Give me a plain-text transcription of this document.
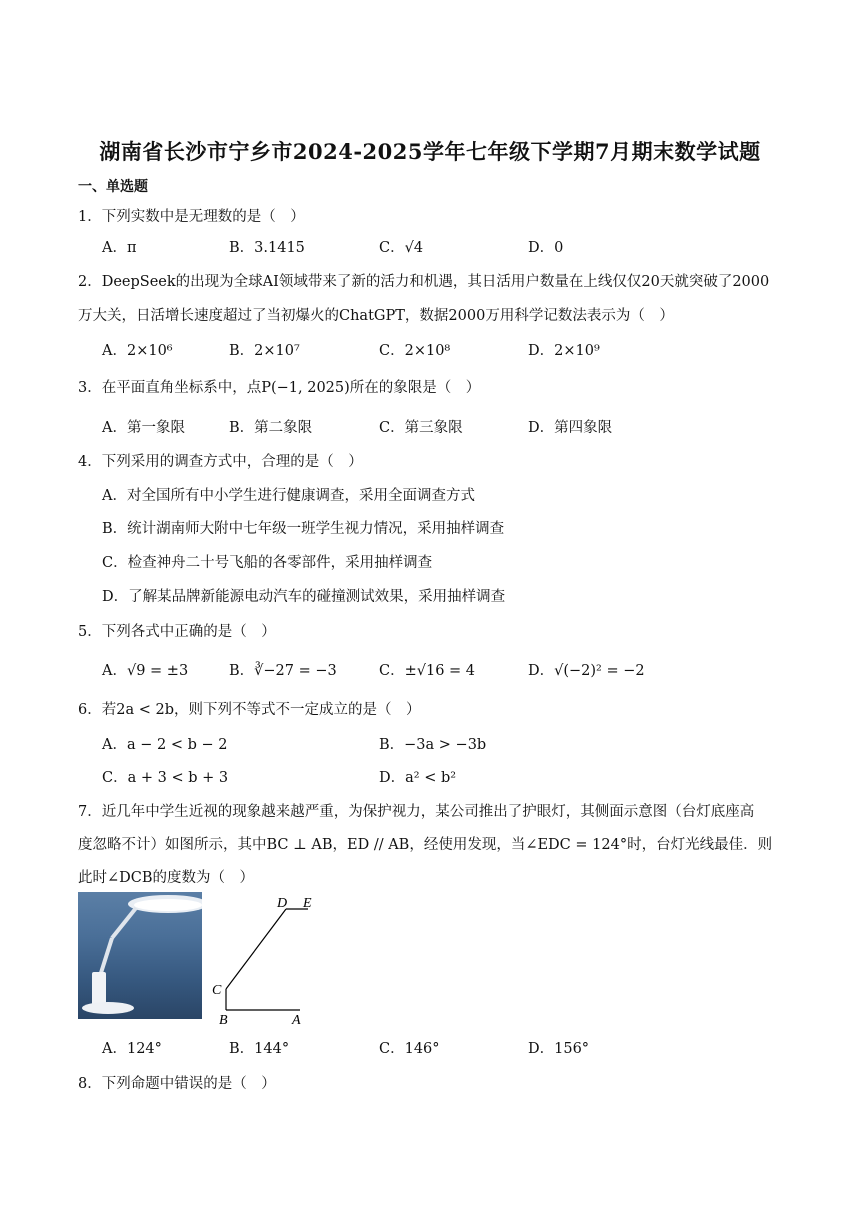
湖南省长沙市宁乡市2024-2025学年七年级下学期7月期末数学试题
一、单选题
1．下列实数中是无理数的是（　）
A．π	B．3.1415	C．√4	D．0
2．DeepSeek的出现为全球AI领域带来了新的活力和机遇，其日活用户数量在上线仅仅20天就突破了2000
万大关，日活增长速度超过了当初爆火的ChatGPT，数据2000万用科学记数法表示为（　）
A．2×10⁶	B．2×10⁷	C．2×10⁸	D．2×10⁹
3．在平面直角坐标系中，点P(−1, 2025)所在的象限是（　）
A．第一象限	B．第二象限	C．第三象限	D．第四象限
4．下列采用的调查方式中，合理的是（　）
A．对全国所有中小学生进行健康调查，采用全面调查方式
B．统计湖南师大附中七年级一班学生视力情况，采用抽样调查
C．检查神舟二十号飞船的各零部件，采用抽样调查
D．了解某品牌新能源电动汽车的碰撞测试效果，采用抽样调查
5．下列各式中正确的是（　）
A．√9 = ±3	B．∛−27 = −3	C．±√16 = 4	D．√(−2)² = −2
6．若2a < 2b，则下列不等式不一定成立的是（　）
A．a − 2 < b − 2	B．−3a > −3b
C．a + 3 < b + 3	D．a² < b²
7．近几年中学生近视的现象越来越严重，为保护视力，某公司推出了护眼灯，其侧面示意图（台灯底座高
度忽略不计）如图所示，其中BC ⊥ AB，ED // AB，经使用发现，当∠EDC = 124°时，台灯光线最佳．则
此时∠DCB的度数为（　）
D E
C
B	A
A．124°	B．144°	C．146°	D．156°
8．下列命题中错误的是（　）
